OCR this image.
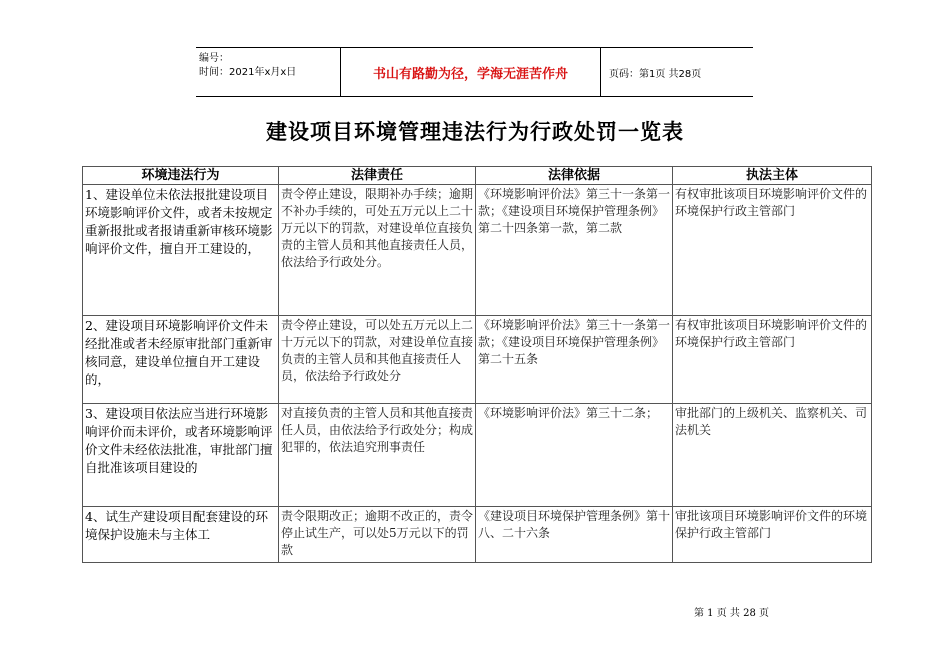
编号：
时间：2021年x月x日	书山有路勤为径，学海无涯苦作舟	页码：第1页 共28页
建设项目环境管理违法行为行政处罚一览表
环境违法行为	法律责任	法律依据	执法主体
1、建设单位未依法报批建设项目环境影响评价文件，或者未按规定重新报批或者报请重新审核环境影响评价文件，擅自开工建设的，	责令停止建设，限期补办手续；逾期不补办手续的，可处五万元以上二十万元以下的罚款，对建设单位直接负责的主管人员和其他直接责任人员，依法给予行政处分。	《环境影响评价法》第三十一条第一款；《建设项目环境保护管理条例》第二十四条第一款，第二款	有权审批该项目环境影响评价文件的环境保护行政主管部门
2、建设项目环境影响评价文件未经批准或者未经原审批部门重新审核同意，建设单位擅自开工建设的，	责令停止建设，可以处五万元以上二十万元以下的罚款，对建设单位直接负责的主管人员和其他直接责任人员，依法给予行政处分	《环境影响评价法》第三十一条第一款；《建设项目环境保护管理条例》第二十五条	有权审批该项目环境影响评价文件的环境保护行政主管部门
3、建设项目依法应当进行环境影响评价而未评价，或者环境影响评价文件未经依法批准，审批部门擅自批准该项目建设的	对直接负责的主管人员和其他直接责任人员，由依法给予行政处分；构成犯罪的，依法追究刑事责任	《环境影响评价法》第三十二条；	审批部门的上级机关、监察机关、司法机关
4、试生产建设项目配套建设的环境保护设施未与主体工	责令限期改正；逾期不改正的，责令停止试生产，可以处5万元以下的罚款	《建设项目环境保护管理条例》第十八、二十六条	审批该项目环境影响评价文件的环境保护行政主管部门
第 1 页 共 28 页
